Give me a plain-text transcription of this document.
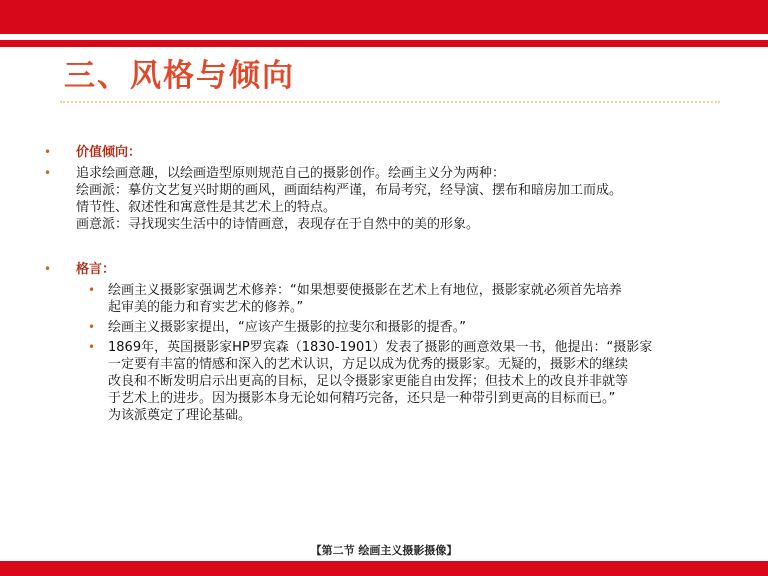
三、风格与倾向
• 价值倾向：
• 追求绘画意趣，以绘画造型原则规范自己的摄影创作。绘画主义分为两种：
绘画派：摹仿文艺复兴时期的画风，画面结构严谨，布局考究，经导演、摆布和暗房加工而成。
情节性、叙述性和寓意性是其艺术上的特点。
画意派：寻找现实生活中的诗情画意，表现存在于自然中的美的形象。
• 格言：
• 绘画主义摄影家强调艺术修养：“如果想要使摄影在艺术上有地位，摄影家就必须首先培养
起审美的能力和育实艺术的修养。”
• 绘画主义摄影家提出，“应该产生摄影的拉斐尔和摄影的提香。”
• 1869年，英国摄影家HP罗宾森（1830-1901）发表了摄影的画意效果一书，他提出：“摄影家
一定要有丰富的情感和深入的艺术认识，方足以成为优秀的摄影家。无疑的，摄影术的继续
改良和不断发明启示出更高的目标，足以令摄影家更能自由发挥；但技术上的改良并非就等
于艺术上的进步。因为摄影本身无论如何精巧完备，还只是一种带引到更高的目标而已。”
为该派奠定了理论基础。
【第二节 绘画主义摄影摄像】
